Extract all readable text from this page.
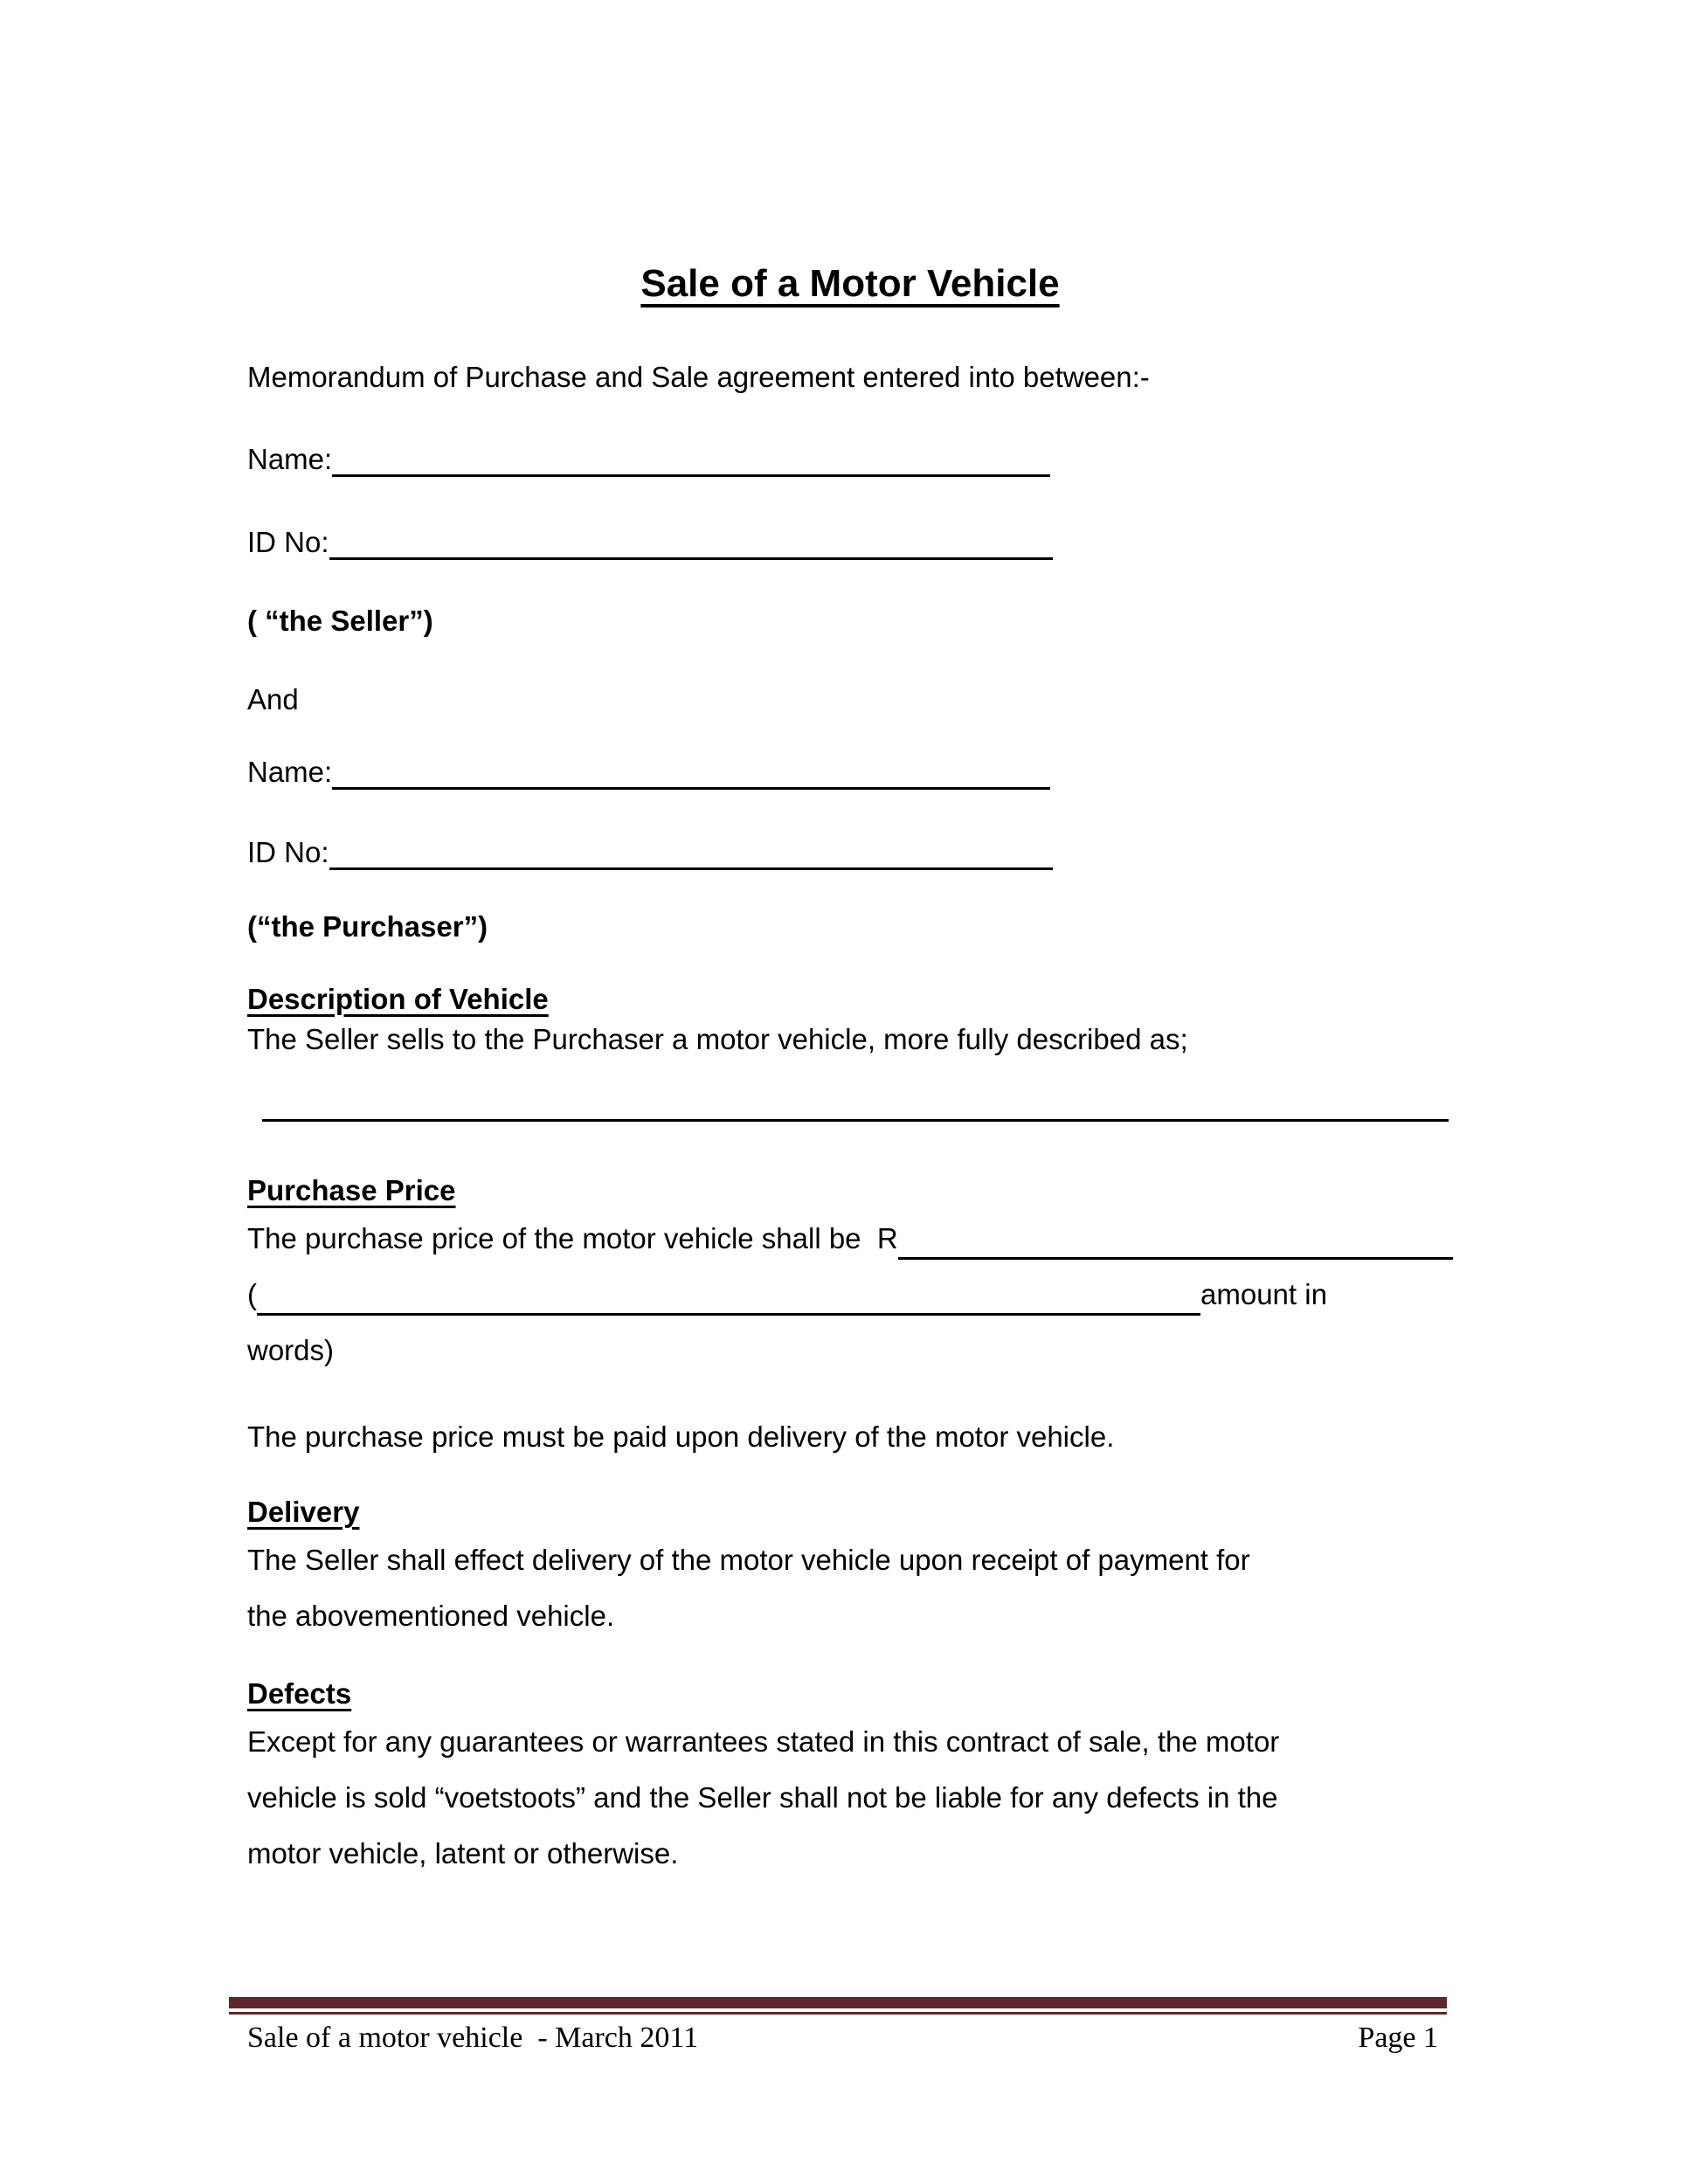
Sale of a Motor Vehicle
Memorandum of Purchase and Sale agreement entered into between:-
Name:
ID No:
( “the Seller”)
And
Name:
ID No:
(“the Purchaser”)
Description of Vehicle
The Seller sells to the Purchaser a motor vehicle, more fully described as;
Purchase Price
The purchase price of the motor vehicle shall be  R
(	amount in
words)
The purchase price must be paid upon delivery of the motor vehicle.
Delivery
The Seller shall effect delivery of the motor vehicle upon receipt of payment for
the abovementioned vehicle.
Defects
Except for any guarantees or warrantees stated in this contract of sale, the motor
vehicle is sold “voetstoots” and the Seller shall not be liable for any defects in the
motor vehicle, latent or otherwise.
Sale of a motor vehicle  - March 2011	Page 1
